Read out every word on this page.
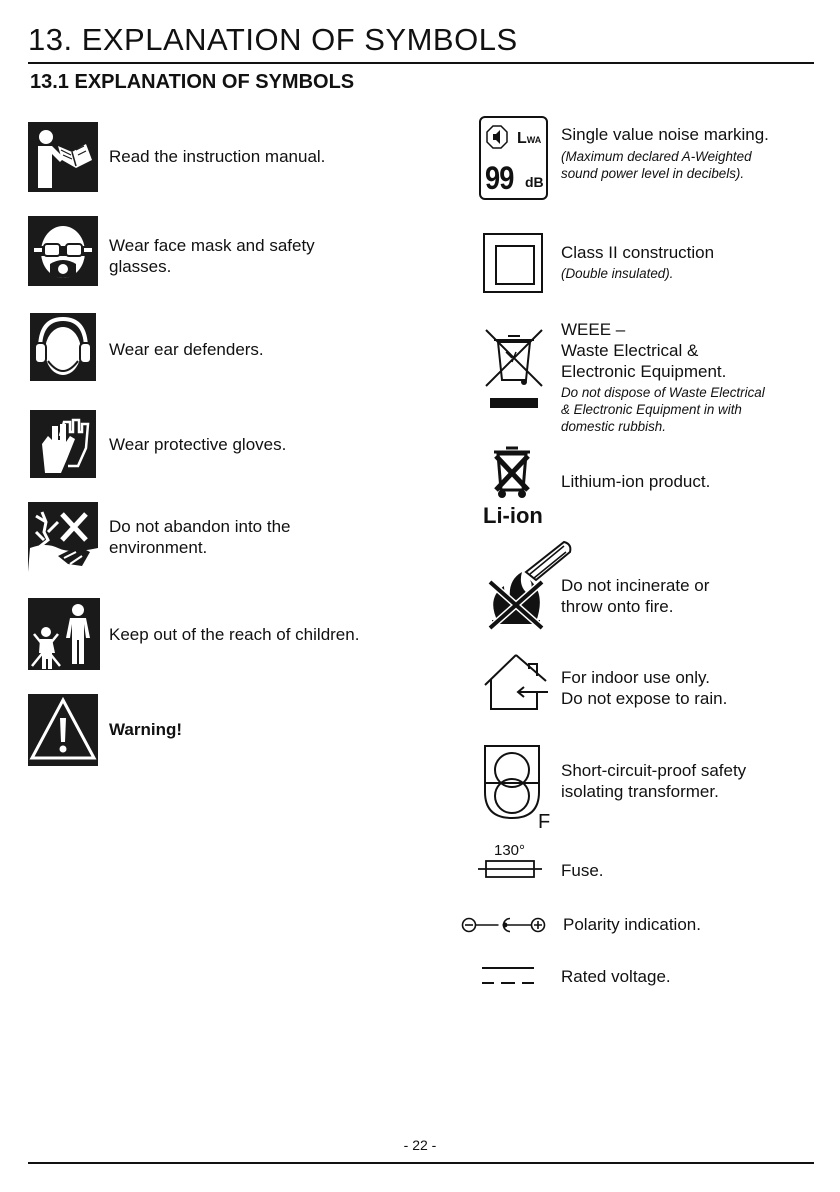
13. EXPLANATION OF SYMBOLS
13.1 EXPLANATION OF SYMBOLS
Read the instruction manual.
Wear face mask and safety
glasses.
Wear ear defenders.
Wear protective gloves.
Do not abandon into the
environment.
Keep out of the reach of children.
Warning!
LWA
99 dB
Single value noise marking.
(Maximum declared A-Weighted
sound power level in decibels).
Class II construction
(Double insulated).
WEEE –
Waste Electrical &
Electronic Equipment.
Do not dispose of Waste Electrical
& Electronic Equipment in with
domestic rubbish.
Li-ion
Lithium-ion product.
Do not incinerate or
throw onto fire.
For indoor use only.
Do not expose to rain.
F
Short-circuit-proof safety
isolating transformer.
130°
Fuse.
Polarity indication.
Rated voltage.
- 22 -
